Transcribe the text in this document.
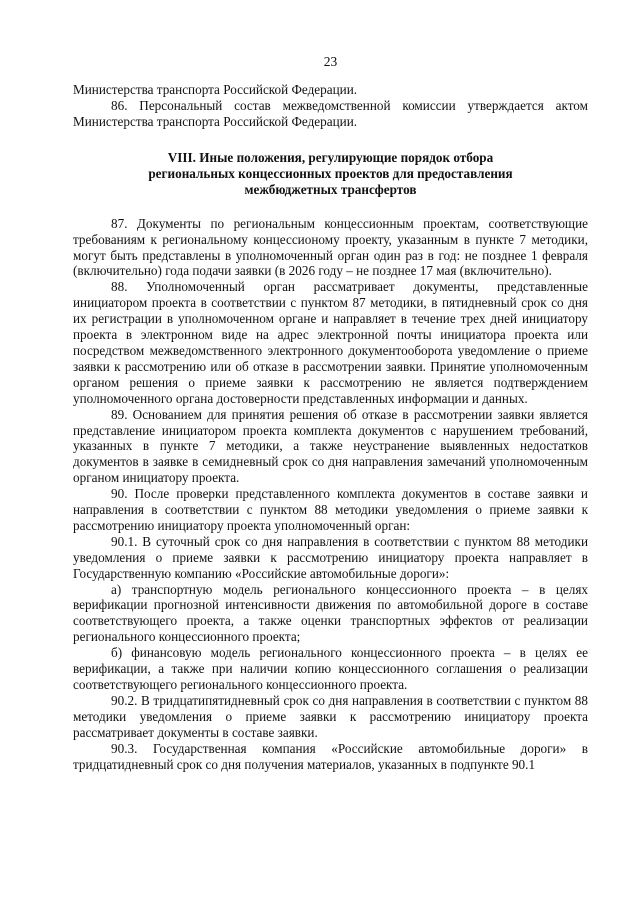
23

Министерства транспорта Российской Федерации.

86. Персональный состав межведомственной комиссии утверждается актом Министерства транспорта Российской Федерации.

VIII. Иные положения, регулирующие порядок отбора
региональных концессионных проектов для предоставления
межбюджетных трансфертов

87. Документы по региональным концессионным проектам, соответствующие требованиям к региональному концессионому проекту, указанным в пункте 7 методики, могут быть представлены в уполномоченный орган один раз в год: не позднее 1 февраля (включительно) года подачи заявки (в 2026 году – не позднее 17 мая (включительно).

88. Уполномоченный орган рассматривает документы, представленные инициатором проекта в соответствии с пунктом 87 методики, в пятидневный срок со дня их регистрации в уполномоченном органе и направляет в течение трех дней инициатору проекта в электронном виде на адрес электронной почты инициатора проекта или посредством межведомственного электронного документооборота уведомление о приеме заявки к рассмотрению или об отказе в рассмотрении заявки. Принятие уполномоченным органом решения о приеме заявки к рассмотрению не является подтверждением уполномоченного органа достоверности представленных информации и данных.

89. Основанием для принятия решения об отказе в рассмотрении заявки является представление инициатором проекта комплекта документов с нарушением требований, указанных в пункте 7 методики, а также неустранение выявленных недостатков документов в заявке в семидневный срок со дня направления замечаний уполномоченным органом инициатору проекта.

90. После проверки представленного комплекта документов в составе заявки и направления в соответствии с пунктом 88 методики уведомления о приеме заявки к рассмотрению инициатору проекта уполномоченный орган:

90.1. В суточный срок со дня направления в соответствии с пунктом 88 методики уведомления о приеме заявки к рассмотрению инициатору проекта направляет в Государственную компанию «Российские автомобильные дороги»:

а) транспортную модель регионального концессионного проекта – в целях верификации прогнозной интенсивности движения по автомобильной дороге в составе соответствующего проекта, а также оценки транспортных эффектов от реализации регионального концессионного проекта;

б) финансовую модель регионального концессионного проекта – в целях ее верификации, а также при наличии копию концессионного соглашения о реализации соответствующего регионального концессионного проекта.

90.2. В тридцатипятидневный срок со дня направления в соответствии с пунктом 88 методики уведомления о приеме заявки к рассмотрению инициатору проекта рассматривает документы в составе заявки.

90.3. Государственная компания «Российские автомобильные дороги» в тридцатидневный срок со дня получения материалов, указанных в подпункте 90.1
